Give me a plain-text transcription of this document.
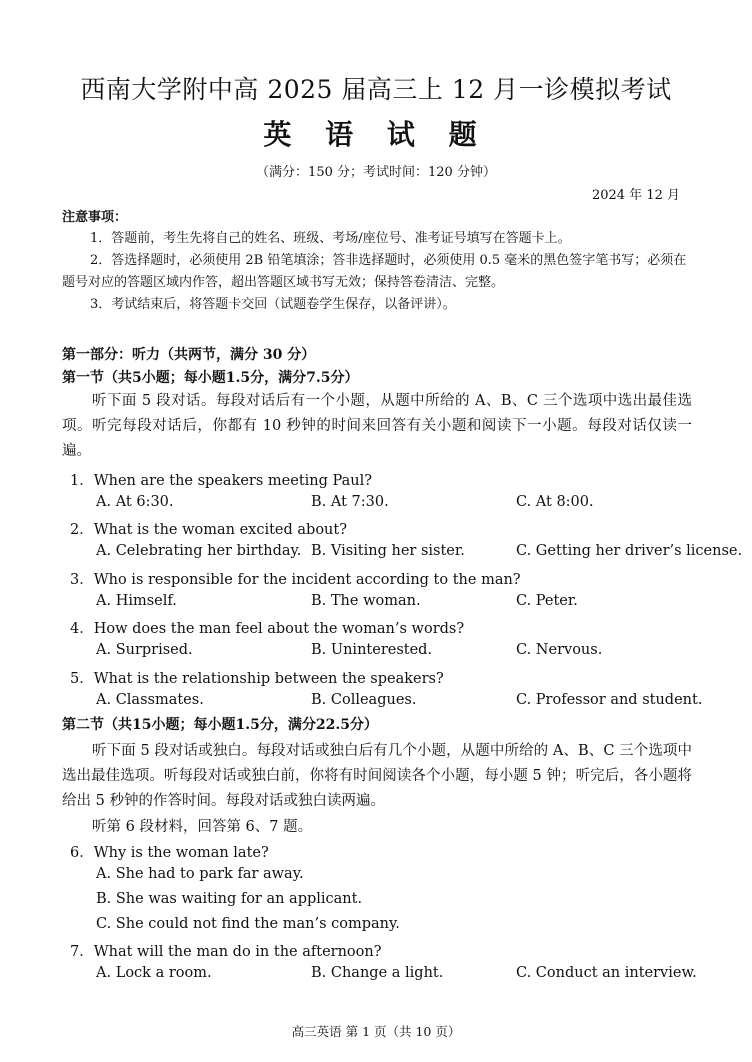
西南大学附中高 2025 届高三上 12 月一诊模拟考试
英 语 试 题
（满分：150 分；考试时间：120 分钟）
2024 年 12 月
注意事项：
1．答题前，考生先将自己的姓名、班级、考场/座位号、准考证号填写在答题卡上。
2．答选择题时，必须使用 2B 铅笔填涂；答非选择题时，必须使用 0.5 毫米的黑色签字笔书写；必须在题号对应的答题区域内作答，超出答题区域书写无效；保持答卷清洁、完整。
3．考试结束后，将答题卡交回（试题卷学生保存，以备评讲）。
第一部分：听力（共两节，满分 30 分）
第一节（共5小题；每小题1.5分，满分7.5分）
听下面 5 段对话。每段对话后有一个小题，从题中所给的 A、B、C 三个选项中选出最佳选项。听完每段对话后，你都有 10 秒钟的时间来回答有关小题和阅读下一小题。每段对话仅读一遍。
1．When are the speakers meeting Paul?
A. At 6:30.	B. At 7:30.	C. At 8:00.
2．What is the woman excited about?
A. Celebrating her birthday. B. Visiting her sister.	C. Getting her driver’s license.
3．Who is responsible for the incident according to the man?
A. Himself.	B. The woman.	C. Peter.
4．How does the man feel about the woman’s words?
A. Surprised.	B. Uninterested.	C. Nervous.
5．What is the relationship between the speakers?
A. Classmates.	B. Colleagues.	C. Professor and student.
第二节（共15小题；每小题1.5分，满分22.5分）
听下面 5 段对话或独白。每段对话或独白后有几个小题，从题中所给的 A、B、C 三个选项中选出最佳选项。听每段对话或独白前，你将有时间阅读各个小题，每小题 5 钟；听完后，各小题将给出 5 秒钟的作答时间。每段对话或独白读两遍。
听第 6 段材料，回答第 6、7 题。
6．Why is the woman late?
A. She had to park far away.
B. She was waiting for an applicant.
C. She could not find the man’s company.
7．What will the man do in the afternoon?
A. Lock a room.	B. Change a light.	C. Conduct an interview.
高三英语 第 1 页（共 10 页）
